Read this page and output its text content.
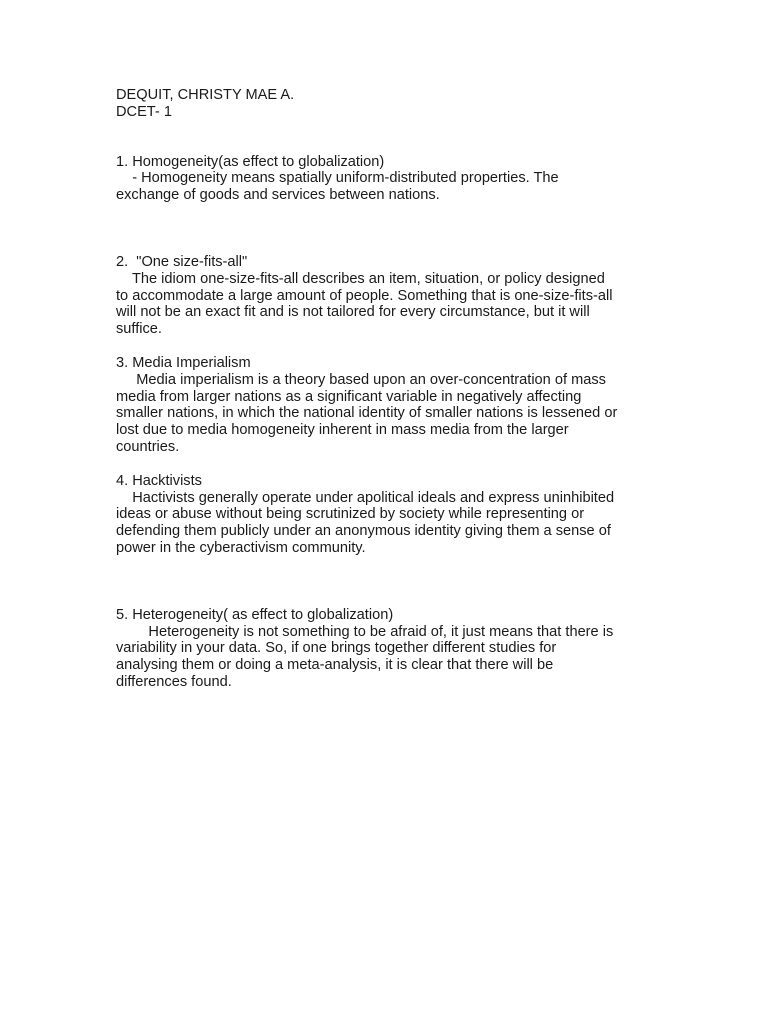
DEQUIT, CHRISTY MAE A.
DCET- 1
1. Homogeneity(as effect to globalization)
- Homogeneity means spatially uniform-distributed properties. The
exchange of goods and services between nations.
2.  "One size-fits-all"
The idiom one-size-fits-all describes an item, situation, or policy designed
to accommodate a large amount of people. Something that is one-size-fits-all
will not be an exact fit and is not tailored for every circumstance, but it will
suffice.
3. Media Imperialism
Media imperialism is a theory based upon an over-concentration of mass
media from larger nations as a significant variable in negatively affecting
smaller nations, in which the national identity of smaller nations is lessened or
lost due to media homogeneity inherent in mass media from the larger
countries.
4. Hacktivists
Hactivists generally operate under apolitical ideals and express uninhibited
ideas or abuse without being scrutinized by society while representing or
defending them publicly under an anonymous identity giving them a sense of
power in the cyberactivism community.
5. Heterogeneity( as effect to globalization)
Heterogeneity is not something to be afraid of, it just means that there is
variability in your data. So, if one brings together different studies for
analysing them or doing a meta-analysis, it is clear that there will be
differences found.
